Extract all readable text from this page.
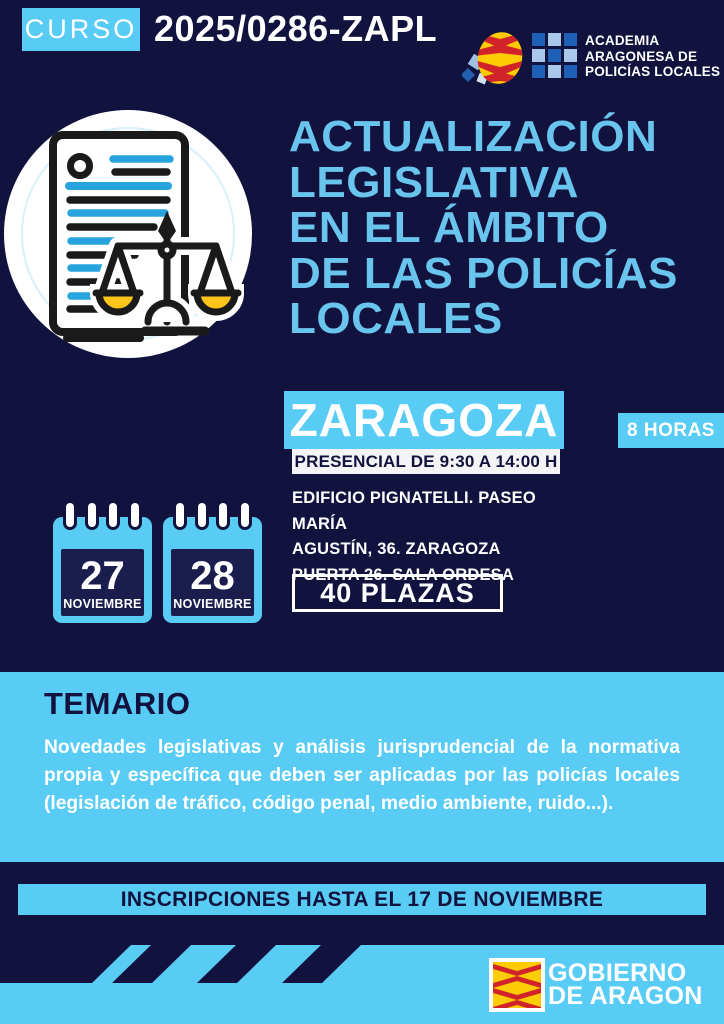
CURSO 2025/0286-ZAPL	ACADEMIA
ARAGONESA DE
POLICÍAS LOCALES
ACTUALIZACIÓN
LEGISLATIVA
EN EL ÁMBITO
DE LAS POLICÍAS
LOCALES
ZARAGOZA
PRESENCIAL DE 9:30 A 14:00 H
8 HORAS
EDIFICIO PIGNATELLI. PASEO MARÍA
AGUSTÍN, 36. ZARAGOZA
PUERTA 26. SALA ORDESA
27
NOVIEMBRE
28
NOVIEMBRE	40 PLAZAS
TEMARIO
Novedades legislativas y análisis jurisprudencial de la normativa propia y específica que deben ser aplicadas por las policías locales (legislación de tráfico, código penal, medio ambiente, ruido...).
INSCRIPCIONES HASTA EL 17 DE NOVIEMBRE
GOBIERNO
DE ARAGON
